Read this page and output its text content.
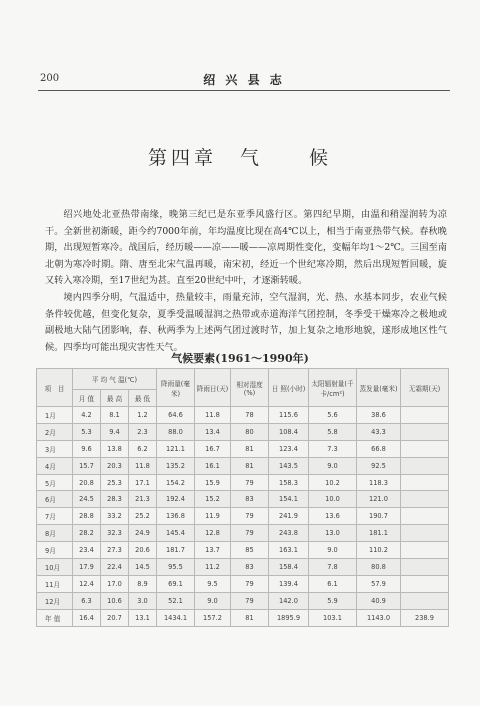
200	绍 兴 县 志
第四章　气　　候

绍兴地处北亚热带南缘，晚第三纪已是东亚季风盛行区。第四纪早期，由温和稍湿润转为凉干。全新世初渐暖，距今约7000年前，年均温度比现在高4℃以上，相当于南亚热带气候。春秋晚期，出现短暂寒冷。战国后，经历暖——凉——暖——凉周期性变化，变幅年均1～2℃。三国至南北朝为寒冷时期。隋、唐至北宋气温再暖，南宋初，经近一个世纪寒冷期，然后出现短暂回暖，旋又转入寒冷期，至17世纪为甚。直至20世纪中叶，才逐渐转暖。

境内四季分明，气温适中，热量较丰，雨量充沛，空气湿润，光、热、水基本同步，农业气候条件较优越，但变化复杂，夏季受温暖湿润之热带或赤道海洋气团控制，冬季受干燥寒冷之极地或副极地大陆气团影响，春、秋两季为上述两气团过渡时节，加上复杂之地形地貌，遂形成地区性气候。四季均可能出现灾害性天气。

气候要素(1961～1990年)
项　目	平 均 气 温(℃)			降雨量(毫米)	降雨日(天)	相对湿度(%)	日 照(小时)	太阳辐射量(千卡/cm²)	蒸发量(毫米)	无霜期(天)
	月 值	最 高	最 低							
1月	4.2	8.1	1.2	64.6	11.8	78	115.6	5.6	38.6	
2月	5.3	9.4	2.3	88.0	13.4	80	108.4	5.8	43.3	
3月	9.6	13.8	6.2	121.1	16.7	81	123.4	7.3	66.8	
4月	15.7	20.3	11.8	135.2	16.1	81	143.5	9.0	92.5	
5月	20.8	25.3	17.1	154.2	15.9	79	158.3	10.2	118.3	
6月	24.5	28.3	21.3	192.4	15.2	83	154.1	10.0	121.0	
7月	28.8	33.2	25.2	136.8	11.9	79	241.9	13.6	190.7	
8月	28.2	32.3	24.9	145.4	12.8	79	243.8	13.0	181.1	
9月	23.4	27.3	20.6	181.7	13.7	85	163.1	9.0	110.2	
10月	17.9	22.4	14.5	95.5	11.2	83	158.4	7.8	80.8	
11月	12.4	17.0	8.9	69.1	9.5	79	139.4	6.1	57.9	
12月	6.3	10.6	3.0	52.1	9.0	79	142.0	5.9	40.9	
年 值	16.4	20.7	13.1	1434.1	157.2	81	1895.9	103.1	1143.0	238.9
